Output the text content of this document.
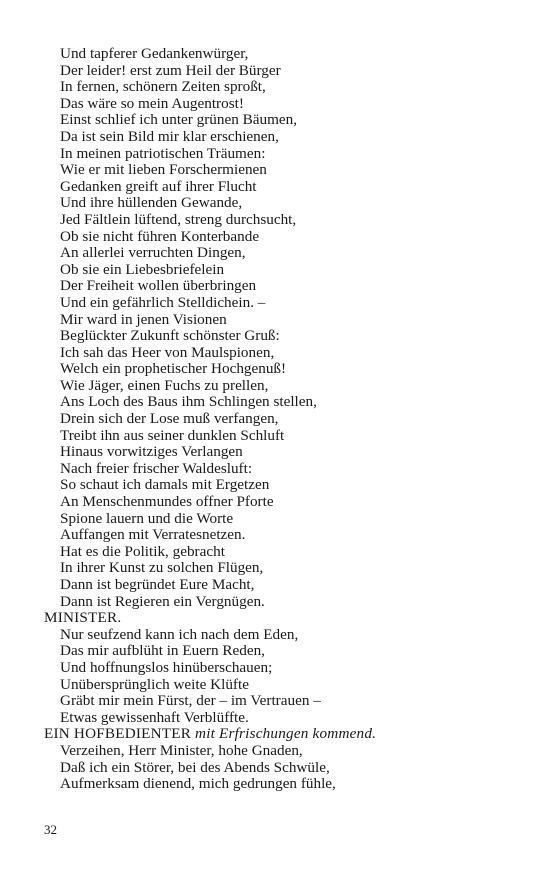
Und tapferer Gedankenwürger,
Der leider! erst zum Heil der Bürger
In fernen, schönern Zeiten sproßt,
Das wäre so mein Augentrost!
Einst schlief ich unter grünen Bäumen,
Da ist sein Bild mir klar erschienen,
In meinen patriotischen Träumen:
Wie er mit lieben Forschermienen
Gedanken greift auf ihrer Flucht
Und ihre hüllenden Gewande,
Jed Fältlein lüftend, streng durchsucht,
Ob sie nicht führen Konterbande
An allerlei verruchten Dingen,
Ob sie ein Liebesbriefelein
Der Freiheit wollen überbringen
Und ein gefährlich Stelldichein. –
Mir ward in jenen Visionen
Beglückter Zukunft schönster Gruß:
Ich sah das Heer von Maulspionen,
Welch ein prophetischer Hochgenuß!
Wie Jäger, einen Fuchs zu prellen,
Ans Loch des Baus ihm Schlingen stellen,
Drein sich der Lose muß verfangen,
Treibt ihn aus seiner dunklen Schluft
Hinaus vorwitziges Verlangen
Nach freier frischer Waldesluft:
So schaut ich damals mit Ergetzen
An Menschenmundes offner Pforte
Spione lauern und die Worte
Auffangen mit Verratesnetzen.
Hat es die Politik, gebracht
In ihrer Kunst zu solchen Flügen,
Dann ist begründet Eure Macht,
Dann ist Regieren ein Vergnügen.
MINISTER.
Nur seufzend kann ich nach dem Eden,
Das mir aufblüht in Euern Reden,
Und hoffnungslos hinüberschauen;
Unübersprünglich weite Klüfte
Gräbt mir mein Fürst, der – im Vertrauen –
Etwas gewissenhaft Verblüffte.
EIN HOFBEDIENTER mit Erfrischungen kommend.
Verzeihen, Herr Minister, hohe Gnaden,
Daß ich ein Störer, bei des Abends Schwüle,
Aufmerksam dienend, mich gedrungen fühle,
32
